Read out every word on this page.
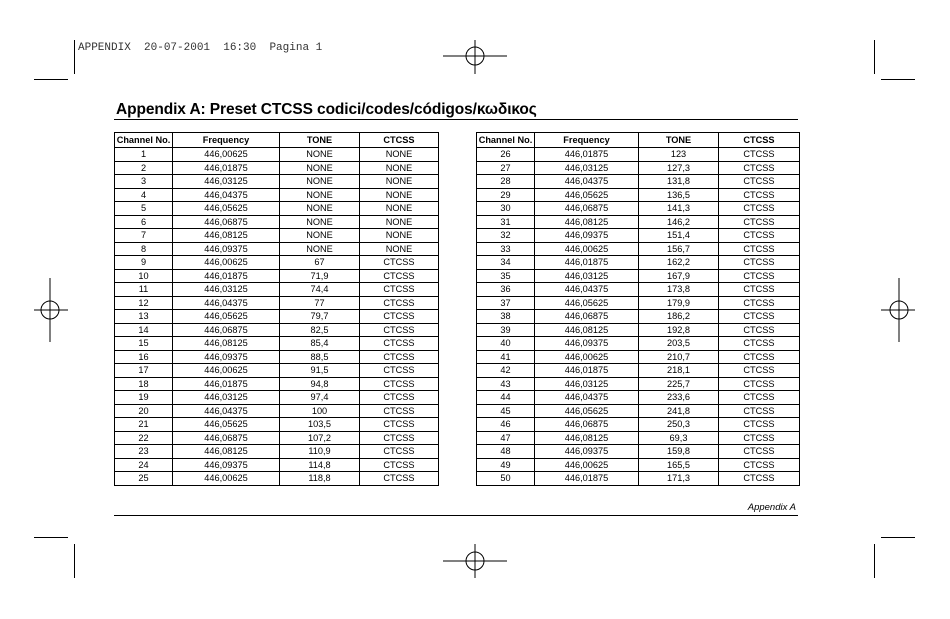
APPENDIX 20-07-2001 16:30 Pagina 1
Appendix A: Preset CTCSS codici/codes/códigos/κωδικος
Channel No.	Frequency	TONE	CTCSS
1	446,00625	NONE	NONE
2	446,01875	NONE	NONE
3	446,03125	NONE	NONE
4	446,04375	NONE	NONE
5	446,05625	NONE	NONE
6	446,06875	NONE	NONE
7	446,08125	NONE	NONE
8	446,09375	NONE	NONE
9	446,00625	67	CTCSS
10	446,01875	71,9	CTCSS
11	446,03125	74,4	CTCSS
12	446,04375	77	CTCSS
13	446,05625	79,7	CTCSS
14	446,06875	82,5	CTCSS
15	446,08125	85,4	CTCSS
16	446,09375	88,5	CTCSS
17	446,00625	91,5	CTCSS
18	446,01875	94,8	CTCSS
19	446,03125	97,4	CTCSS
20	446,04375	100	CTCSS
21	446,05625	103,5	CTCSS
22	446,06875	107,2	CTCSS
23	446,08125	110,9	CTCSS
24	446,09375	114,8	CTCSS
25	446,00625	118,8	CTCSS
Channel No.	Frequency	TONE	CTCSS
26	446,01875	123	CTCSS
27	446,03125	127,3	CTCSS
28	446,04375	131,8	CTCSS
29	446,05625	136,5	CTCSS
30	446,06875	141,3	CTCSS
31	446,08125	146,2	CTCSS
32	446,09375	151,4	CTCSS
33	446,00625	156,7	CTCSS
34	446,01875	162,2	CTCSS
35	446,03125	167,9	CTCSS
36	446,04375	173,8	CTCSS
37	446,05625	179,9	CTCSS
38	446,06875	186,2	CTCSS
39	446,08125	192,8	CTCSS
40	446,09375	203,5	CTCSS
41	446,00625	210,7	CTCSS
42	446,01875	218,1	CTCSS
43	446,03125	225,7	CTCSS
44	446,04375	233,6	CTCSS
45	446,05625	241,8	CTCSS
46	446,06875	250,3	CTCSS
47	446,08125	69,3	CTCSS
48	446,09375	159,8	CTCSS
49	446,00625	165,5	CTCSS
50	446,01875	171,3	CTCSS
Appendix A
